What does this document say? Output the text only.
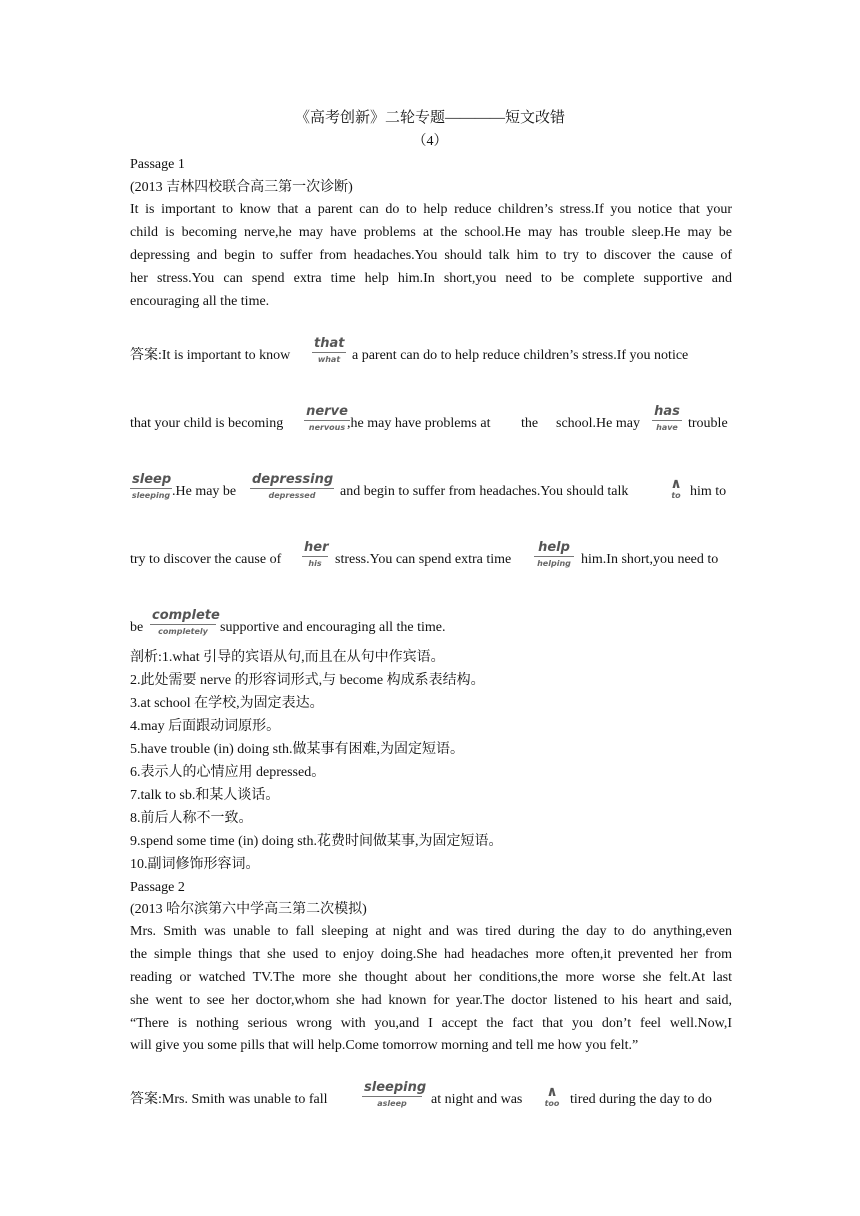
《高考创新》二轮专题————短文改错
（4）
Passage 1
(2013 吉林四校联合高三第一次诊断)
It is important to know that a parent can do to help reduce children’s stress.If you notice that your
child is becoming nerve,he may have problems at the school.He may has trouble sleep.He may be
depressing and begin to suffer from headaches.You should talk him to try to discover the cause of
her stress.You can spend extra time help him.In short,you need to be complete supportive and
encouraging all the time.
答案:It is important to know
that
what a parent can do to help reduce children’s stress.If you notice
that your child is becoming
nerve
nervous ,he may have problems at the school.He may
has
have trouble
sleep
sleeping .He may be
depressing
depressed	and begin to suffer from headaches.You should talk	∧
to him to
try to discover the cause of
her
his stress.You can spend extra time
help
helping him.In short,you need to
be
complete
completely supportive and encouraging all the time.
剖析:1.what 引导的宾语从句,而且在从句中作宾语。
2.此处需要 nerve 的形容词形式,与 become 构成系表结构。
3.at school 在学校,为固定表达。
4.may 后面跟动词原形。
5.have trouble (in) doing sth.做某事有困难,为固定短语。
6.表示人的心情应用 depressed。
7.talk to sb.和某人谈话。
8.前后人称不一致。
9.spend some time (in) doing sth.花费时间做某事,为固定短语。
10.副词修饰形容词。
Passage 2
(2013 哈尔滨第六中学高三第二次模拟)
Mrs. Smith was unable to fall sleeping at night and was tired during the day to do anything,even
the simple things that she used to enjoy doing.She had headaches more often,it prevented her from
reading or watched TV.The more she thought about her conditions,the more worse she felt.At last
she went to see her doctor,whom she had known for year.The doctor listened to his heart and said,
“There is nothing serious wrong with you,and I accept the fact that you don’t feel well.Now,I
will give you some pills that will help.Come tomorrow morning and tell me how you felt.”
答案:Mrs. Smith was unable to fall
sleeping
asleep	at night and was	∧
too tired during the day to do
